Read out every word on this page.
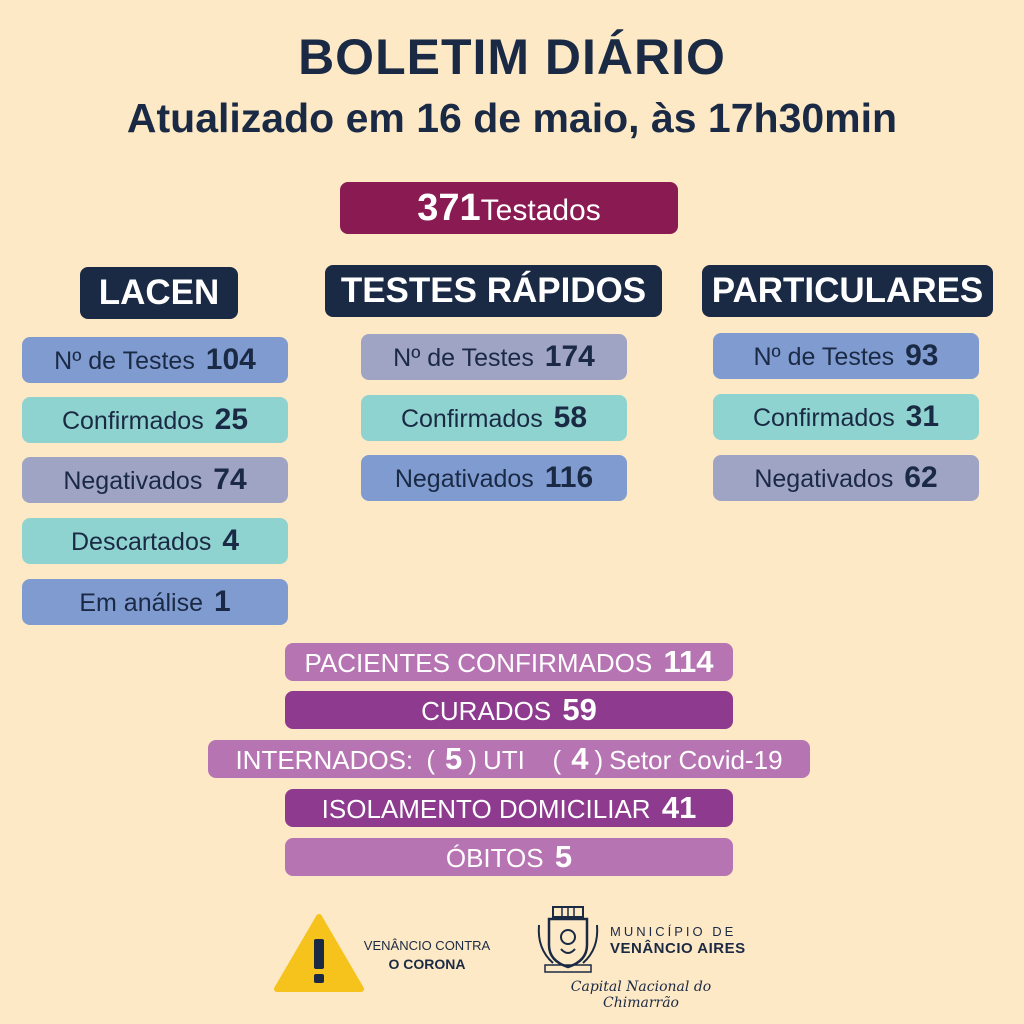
BOLETIM DIÁRIO
Atualizado em 16 de maio, às 17h30min
371Testados
LACEN	TESTES RÁPIDOS	PARTICULARES
Nº de Testes 104
Confirmados 25
Negativados 74
Descartados 4
Em análise 1
Nº de Testes 174
Confirmados 58
Negativados 116
Nº de Testes 93
Confirmados 31
Negativados 62
PACIENTES CONFIRMADOS 114
CURADOS 59
INTERNADOS: ( 5 ) UTI ( 4 ) Setor Covid-19
ISOLAMENTO DOMICILIAR 41
ÓBITOS 5
VENÂNCIO CONTRA
O CORONA
MUNICÍPIO DE
VENÂNCIO AIRES
Capital Nacional do Chimarrão
